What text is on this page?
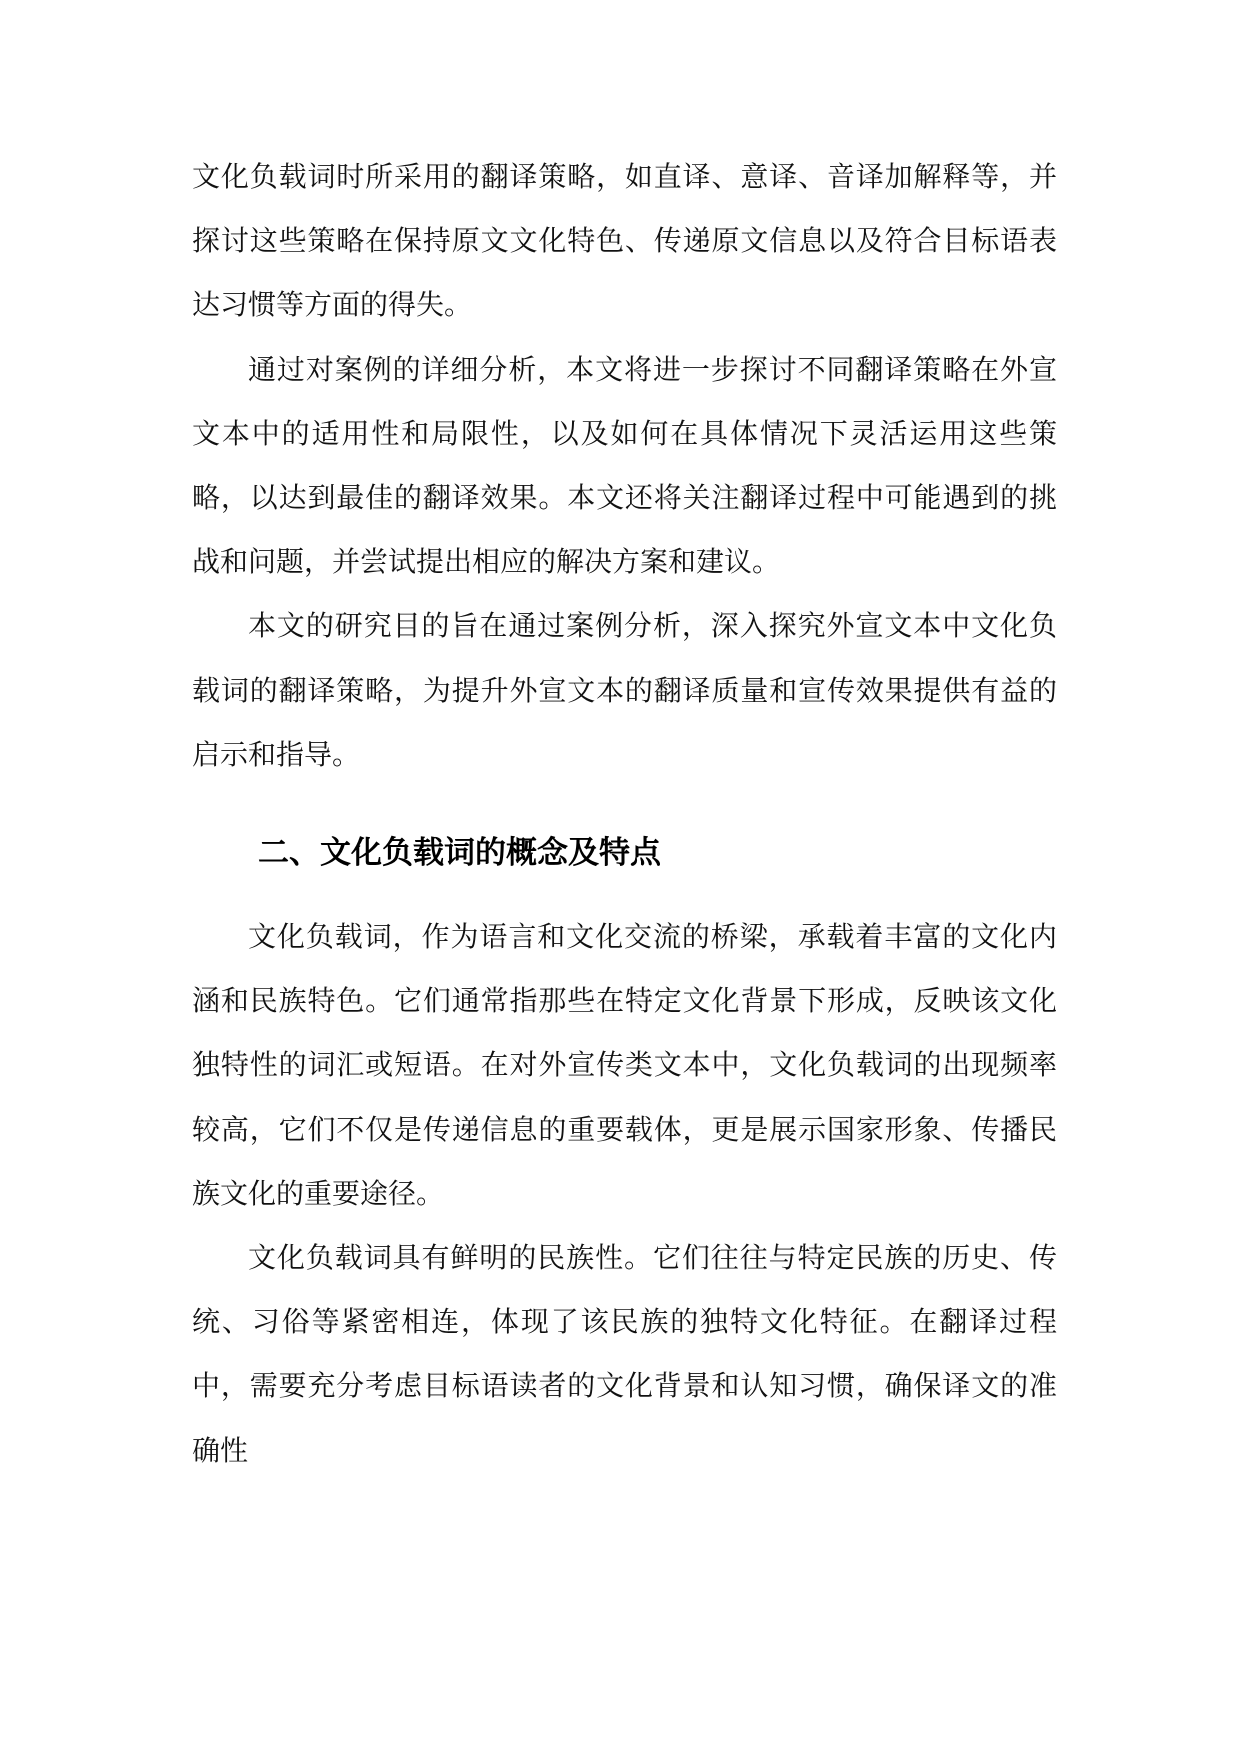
文化负载词时所采用的翻译策略，如直译、意译、音译加解释等，并探讨这些策略在保持原文文化特色、传递原文信息以及符合目标语表达习惯等方面的得失。

通过对案例的详细分析，本文将进一步探讨不同翻译策略在外宣文本中的适用性和局限性，以及如何在具体情况下灵活运用这些策略，以达到最佳的翻译效果。本文还将关注翻译过程中可能遇到的挑战和问题，并尝试提出相应的解决方案和建议。

本文的研究目的旨在通过案例分析，深入探究外宣文本中文化负载词的翻译策略，为提升外宣文本的翻译质量和宣传效果提供有益的启示和指导。

二、文化负载词的概念及特点

文化负载词，作为语言和文化交流的桥梁，承载着丰富的文化内涵和民族特色。它们通常指那些在特定文化背景下形成，反映该文化独特性的词汇或短语。在对外宣传类文本中，文化负载词的出现频率较高，它们不仅是传递信息的重要载体，更是展示国家形象、传播民族文化的重要途径。

文化负载词具有鲜明的民族性。它们往往与特定民族的历史、传统、习俗等紧密相连，体现了该民族的独特文化特征。在翻译过程中，需要充分考虑目标语读者的文化背景和认知习惯，确保译文的准确性
